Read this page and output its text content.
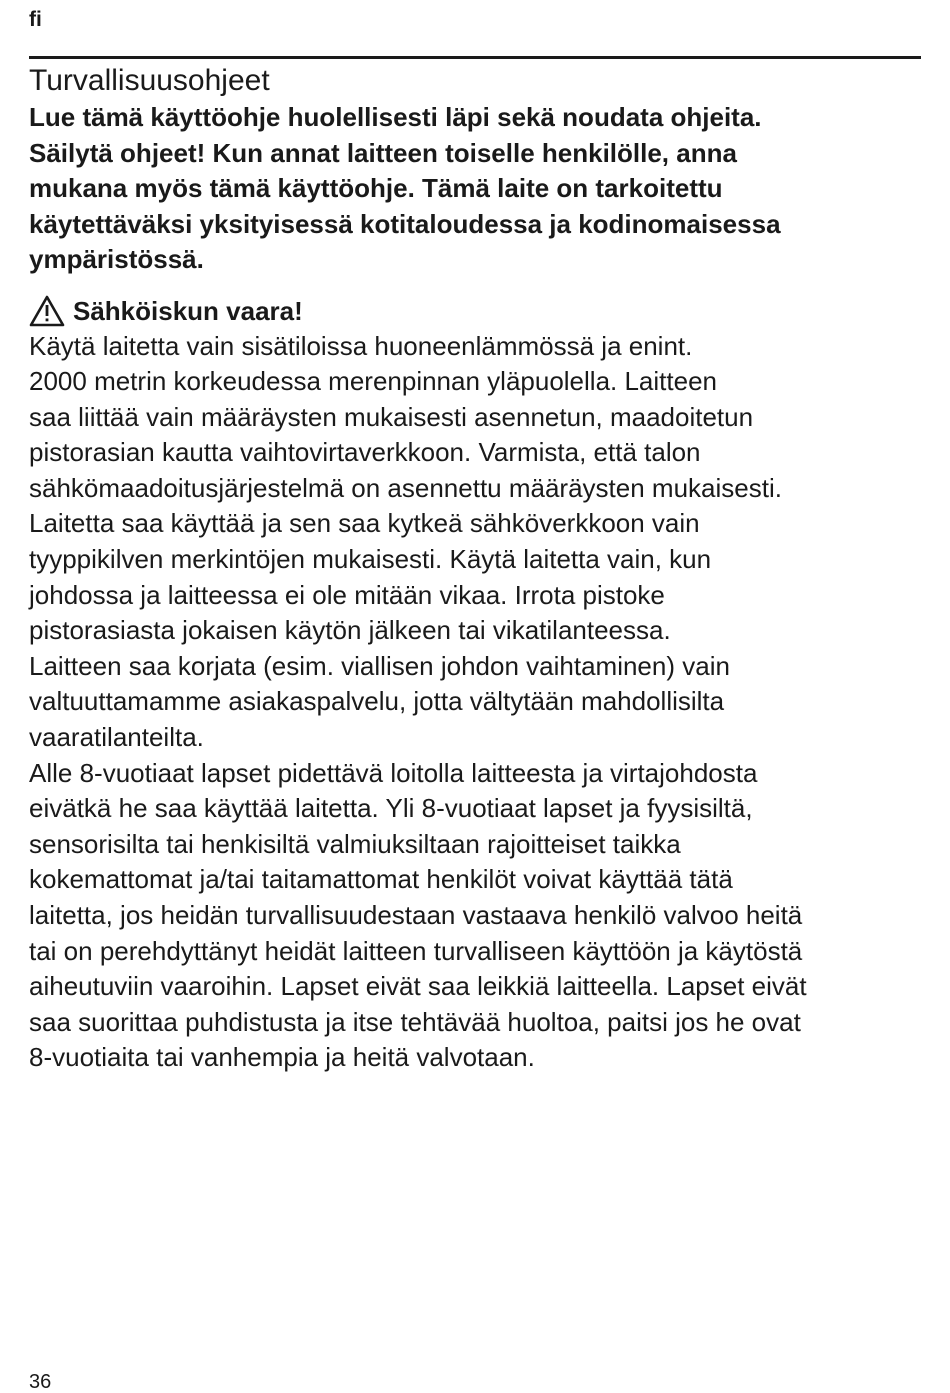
fi
Turvallisuusohjeet

Lue tämä käyttöohje huolellisesti läpi sekä noudata ohjeita.
Säilytä ohjeet! Kun annat laitteen toiselle henkilölle, anna
mukana myös tämä käyttöohje. Tämä laite on tarkoitettu
käytettäväksi yksityisessä kotitaloudessa ja kodinomaisessa
ympäristössä.

Sähköiskun vaara!

Käytä laitetta vain sisätiloissa huoneenlämmössä ja enint.
2000 metrin korkeudessa merenpinnan yläpuolella. Laitteen
saa liittää vain määräysten mukaisesti asennetun, maadoitetun
pistorasian kautta vaihtovirtaverkkoon. Varmista, että talon
sähkömaadoitusjärjestelmä on asennettu määräysten mukaisesti.
Laitetta saa käyttää ja sen saa kytkeä sähköverkkoon vain
tyyppikilven merkintöjen mukaisesti. Käytä laitetta vain, kun
johdossa ja laitteessa ei ole mitään vikaa. Irrota pistoke
pistorasiasta jokaisen käytön jälkeen tai vikatilanteessa.
Laitteen saa korjata (esim. viallisen johdon vaihtaminen) vain
valtuuttamamme asiakaspalvelu, jotta vältytään mahdollisilta
vaaratilanteilta.

Alle 8-vuotiaat lapset pidettävä loitolla laitteesta ja virtajohdosta
eivätkä he saa käyttää laitetta. Yli 8-vuotiaat lapset ja fyysisiltä,
sensorisilta tai henkisiltä valmiuksiltaan rajoitteiset taikka
kokemattomat ja/tai taitamattomat henkilöt voivat käyttää tätä
laitetta, jos heidän turvallisuudestaan vastaava henkilö valvoo heitä
tai on perehdyttänyt heidät laitteen turvalliseen käyttöön ja käytöstä
aiheutuviin vaaroihin. Lapset eivät saa leikkiä laitteella. Lapset eivät
saa suorittaa puhdistusta ja itse tehtävää huoltoa, paitsi jos he ovat
8-vuotiaita tai vanhempia ja heitä valvotaan.

36
